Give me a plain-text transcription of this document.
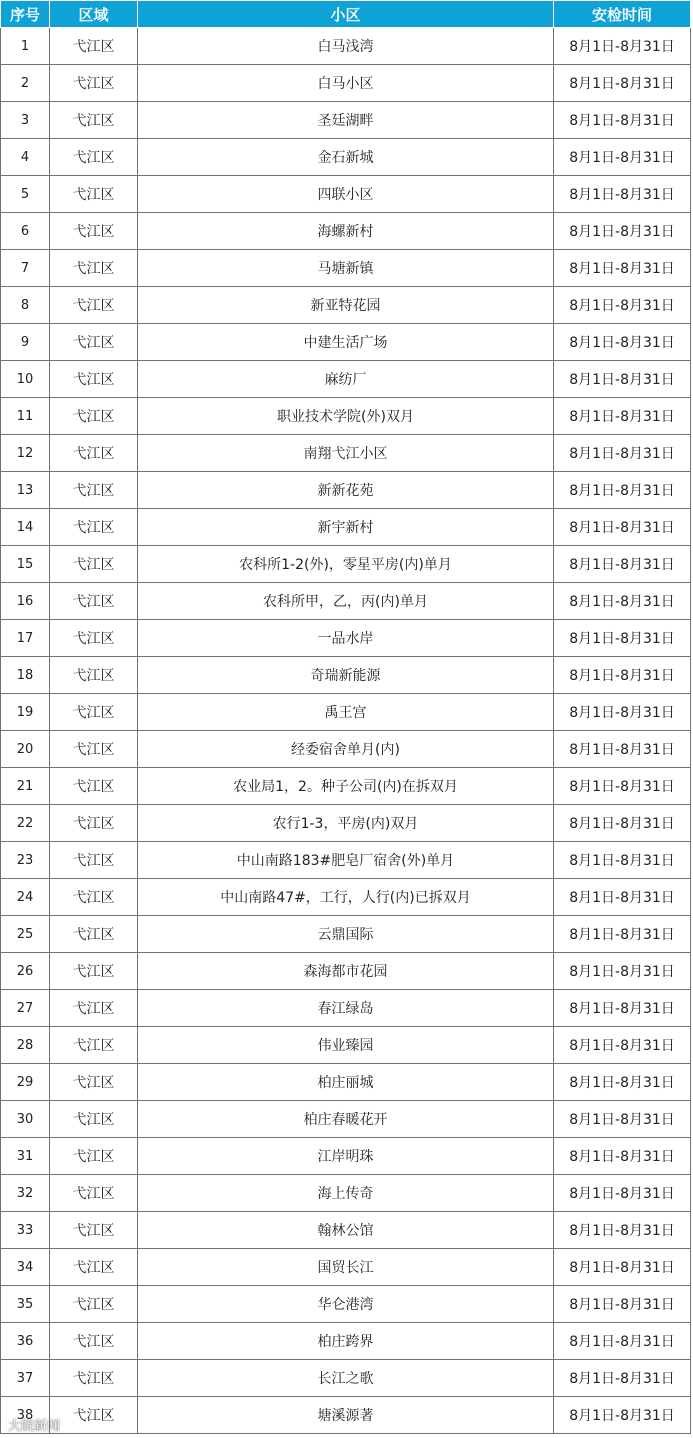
序号	区域	小区	安检时间
1	弋江区	白马浅湾	8月1日-8月31日
2	弋江区	白马小区	8月1日-8月31日
3	弋江区	圣廷湖畔	8月1日-8月31日
4	弋江区	金石新城	8月1日-8月31日
5	弋江区	四联小区	8月1日-8月31日
6	弋江区	海螺新村	8月1日-8月31日
7	弋江区	马塘新镇	8月1日-8月31日
8	弋江区	新亚特花园	8月1日-8月31日
9	弋江区	中建生活广场	8月1日-8月31日
10	弋江区	麻纺厂	8月1日-8月31日
11	弋江区	职业技术学院(外)双月	8月1日-8月31日
12	弋江区	南翔弋江小区	8月1日-8月31日
13	弋江区	新新花苑	8月1日-8月31日
14	弋江区	新宇新村	8月1日-8月31日
15	弋江区	农科所1-2(外)，零星平房(内)单月	8月1日-8月31日
16	弋江区	农科所甲，乙，丙(内)单月	8月1日-8月31日
17	弋江区	一品水岸	8月1日-8月31日
18	弋江区	奇瑞新能源	8月1日-8月31日
19	弋江区	禹王宫	8月1日-8月31日
20	弋江区	经委宿舍单月(内)	8月1日-8月31日
21	弋江区	农业局1，2。种子公司(内)在拆双月	8月1日-8月31日
22	弋江区	农行1-3，平房(内)双月	8月1日-8月31日
23	弋江区	中山南路183#肥皂厂宿舍(外)单月	8月1日-8月31日
24	弋江区	中山南路47#，工行，人行(内)已拆双月	8月1日-8月31日
25	弋江区	云鼎国际	8月1日-8月31日
26	弋江区	森海都市花园	8月1日-8月31日
27	弋江区	春江绿岛	8月1日-8月31日
28	弋江区	伟业臻园	8月1日-8月31日
29	弋江区	柏庄丽城	8月1日-8月31日
30	弋江区	柏庄春暖花开	8月1日-8月31日
31	弋江区	江岸明珠	8月1日-8月31日
32	弋江区	海上传奇	8月1日-8月31日
33	弋江区	翰林公馆	8月1日-8月31日
34	弋江区	国贸长江	8月1日-8月31日
35	弋江区	华仑港湾	8月1日-8月31日
36	弋江区	柏庄跨界	8月1日-8月31日
37	弋江区	长江之歌	8月1日-8月31日
38	弋江区	塘溪源著	8月1日-8月31日
大皖新闻
